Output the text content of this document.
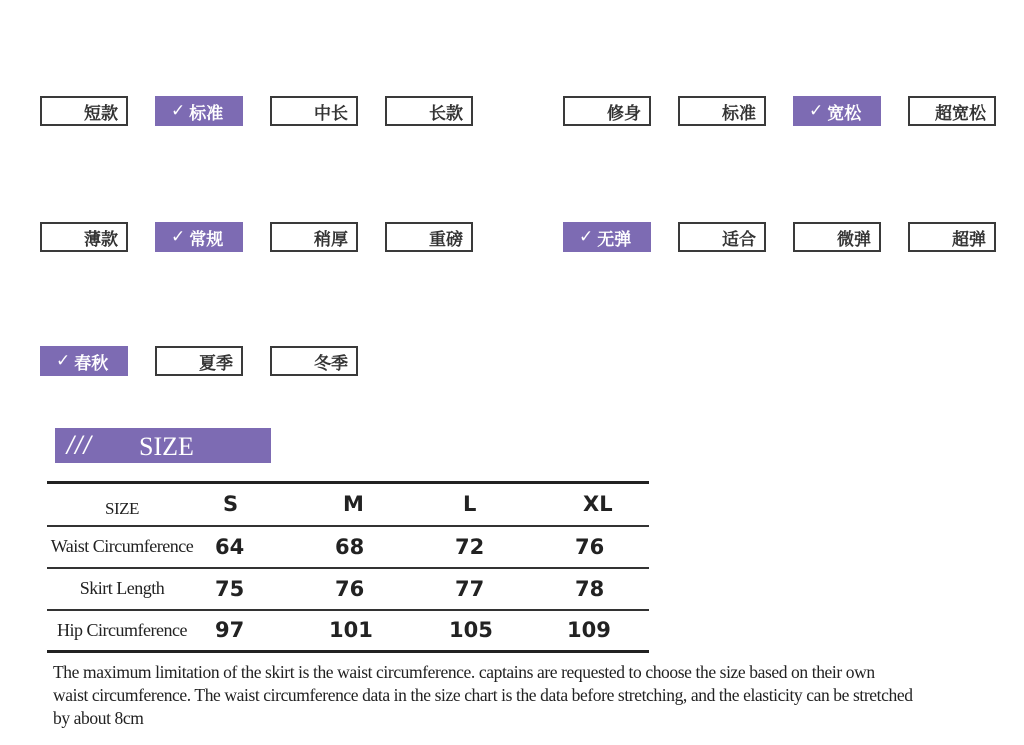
短款	✓ 标准	中长	长款	修身	标准	✓ 宽松	超宽松
薄款	✓ 常规	稍厚	重磅	✓ 无弹	适合	微弹	超弹
✓ 春秋	夏季	冬季
/// SIZE
SIZE	S	M	L	XL
Waist Circumference	64	68	72	76
Skirt Length	75	76	77	78
Hip Circumference	97	101	105	109
The maximum limitation of the skirt is the waist circumference. captains are requested to choose the size based on their own waist circumference. The waist circumference data in the size chart is the data before stretching, and the elasticity can be stretched by about 8cm
